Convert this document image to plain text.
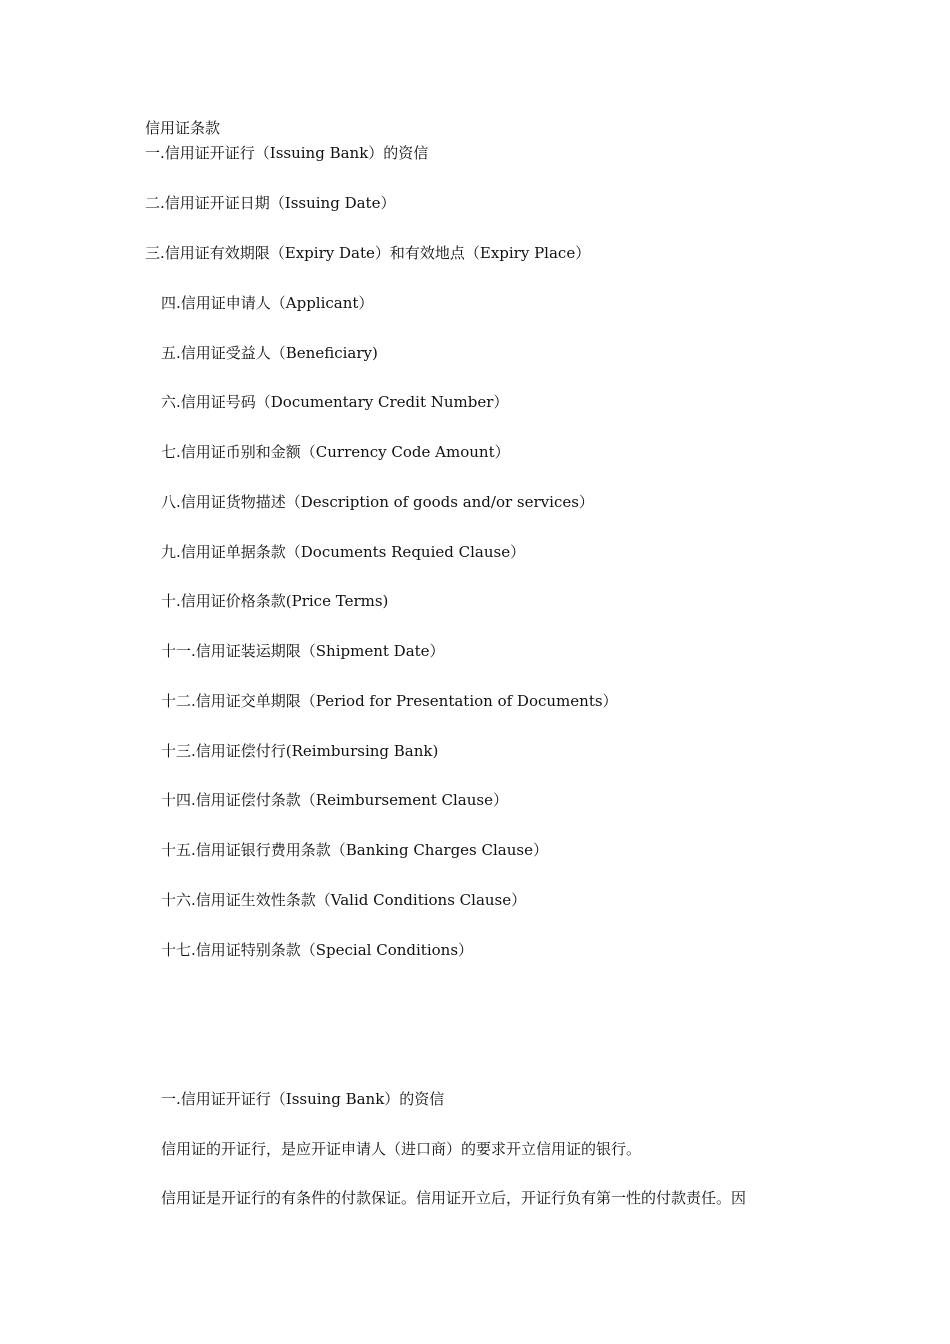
信用证条款
一.信用证开证行（Issuing Bank）的资信
二.信用证开证日期（Issuing Date）
三.信用证有效期限（Expiry Date）和有效地点（Expiry Place）
四.信用证申请人（Applicant）
五.信用证受益人（Beneficiary)
六.信用证号码（Documentary Credit Number）
七.信用证币别和金额（Currency Code Amount）
八.信用证货物描述（Description of goods and/or services）
九.信用证单据条款（Documents Requied Clause）
十.信用证价格条款(Price Terms)
十一.信用证装运期限（Shipment Date）
十二.信用证交单期限（Period for Presentation of Documents）
十三.信用证偿付行(Reimbursing Bank)
十四.信用证偿付条款（Reimbursement Clause）
十五.信用证银行费用条款（Banking Charges Clause）
十六.信用证生效性条款（Valid Conditions Clause）
十七.信用证特别条款（Special Conditions）
一.信用证开证行（Issuing Bank）的资信
信用证的开证行，是应开证申请人（进口商）的要求开立信用证的银行。
信用证是开证行的有条件的付款保证。信用证开立后，开证行负有第一性的付款责任。因
